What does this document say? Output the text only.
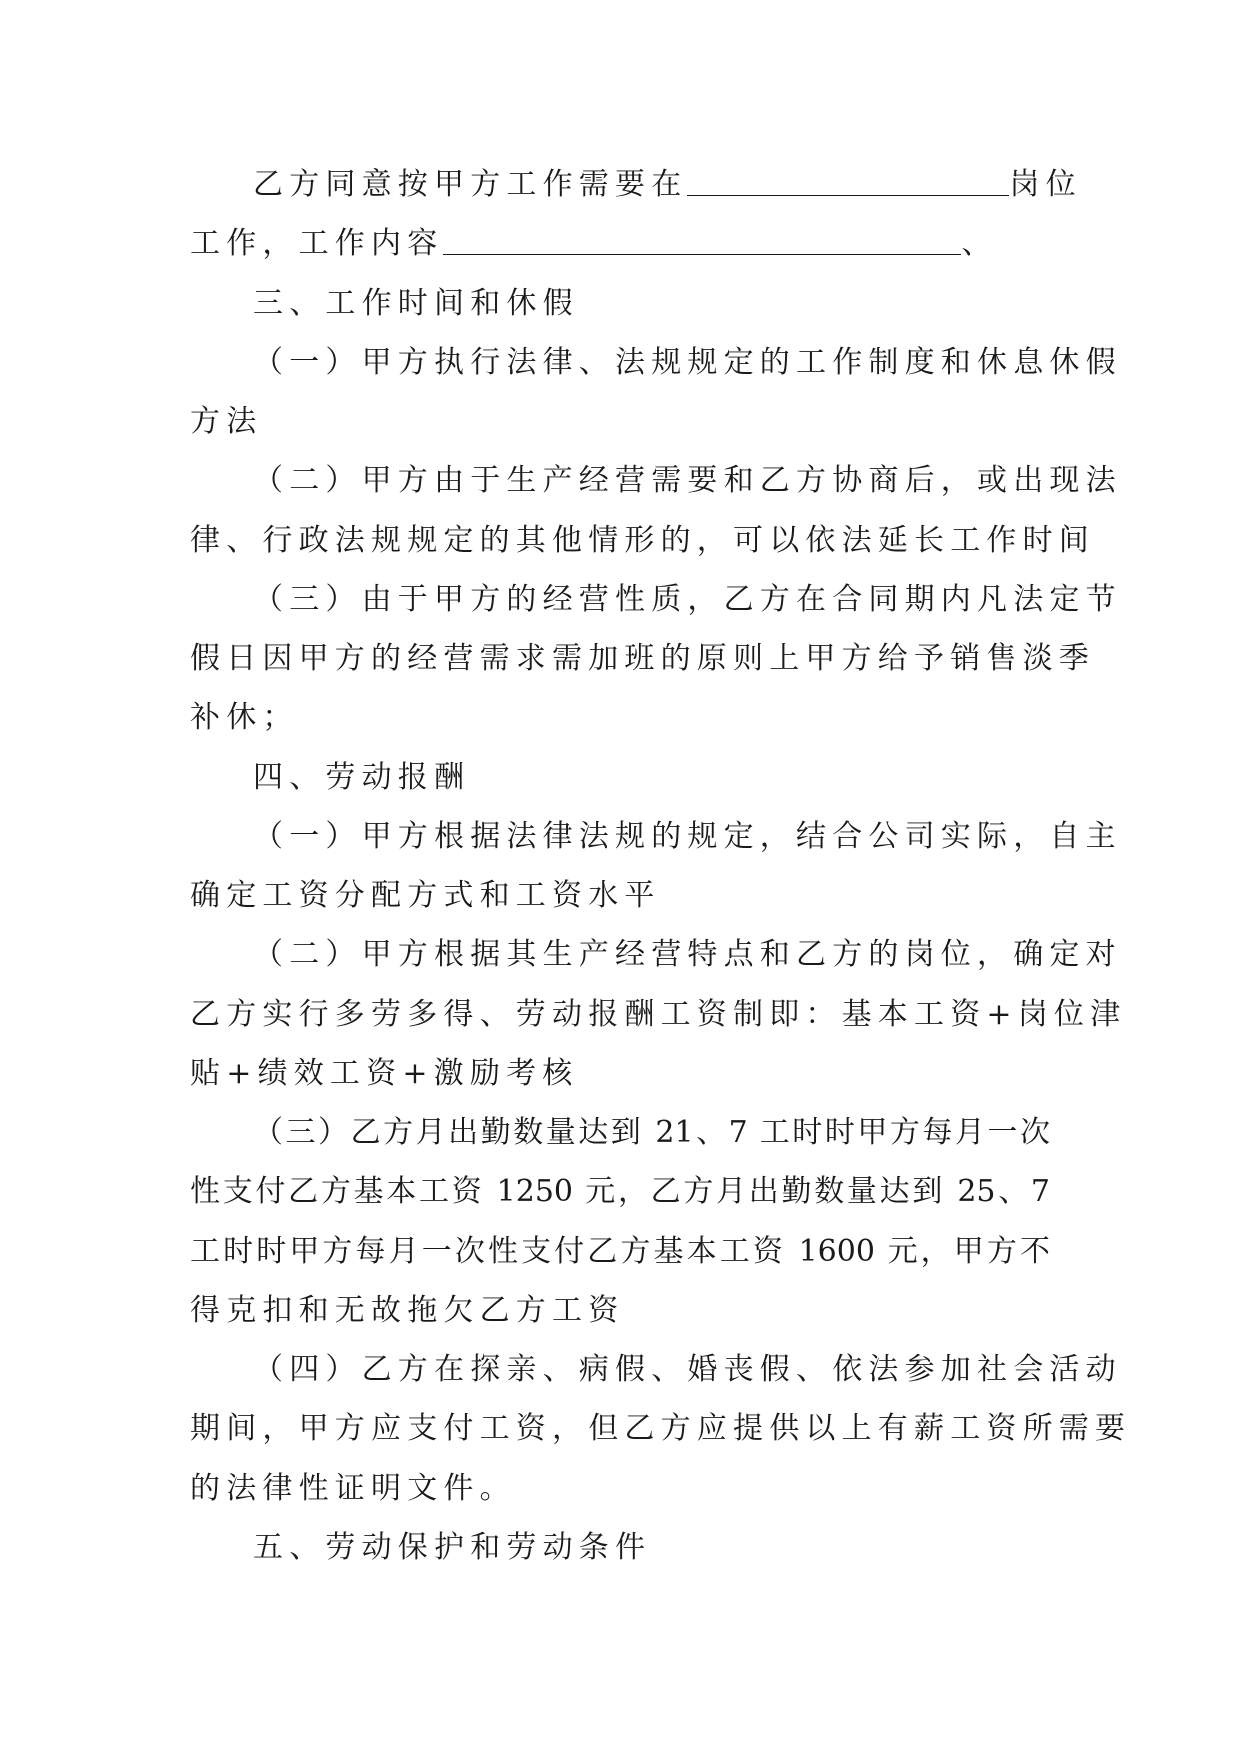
乙方同意按甲方工作需要在	岗位
工作，工作内容	、
三、工作时间和休假
（一）甲方执行法律、法规规定的工作制度和休息休假
方法
（二）甲方由于生产经营需要和乙方协商后，或出现法
律、行政法规规定的其他情形的，可以依法延长工作时间
（三）由于甲方的经营性质，乙方在合同期内凡法定节
假日因甲方的经营需求需加班的原则上甲方给予销售淡季
补休；
四、劳动报酬
（一）甲方根据法律法规的规定，结合公司实际，自主
确定工资分配方式和工资水平
（二）甲方根据其生产经营特点和乙方的岗位，确定对
乙方实行多劳多得、劳动报酬工资制即：基本工资+岗位津
贴+绩效工资+激励考核
（三）乙方月出勤数量达到 21、7 工时时甲方每月一次
性支付乙方基本工资 1250 元，乙方月出勤数量达到 25、7
工时时甲方每月一次性支付乙方基本工资 1600 元，甲方不
得克扣和无故拖欠乙方工资
（四）乙方在探亲、病假、婚丧假、依法参加社会活动
期间，甲方应支付工资，但乙方应提供以上有薪工资所需要
的法律性证明文件。
五、劳动保护和劳动条件
